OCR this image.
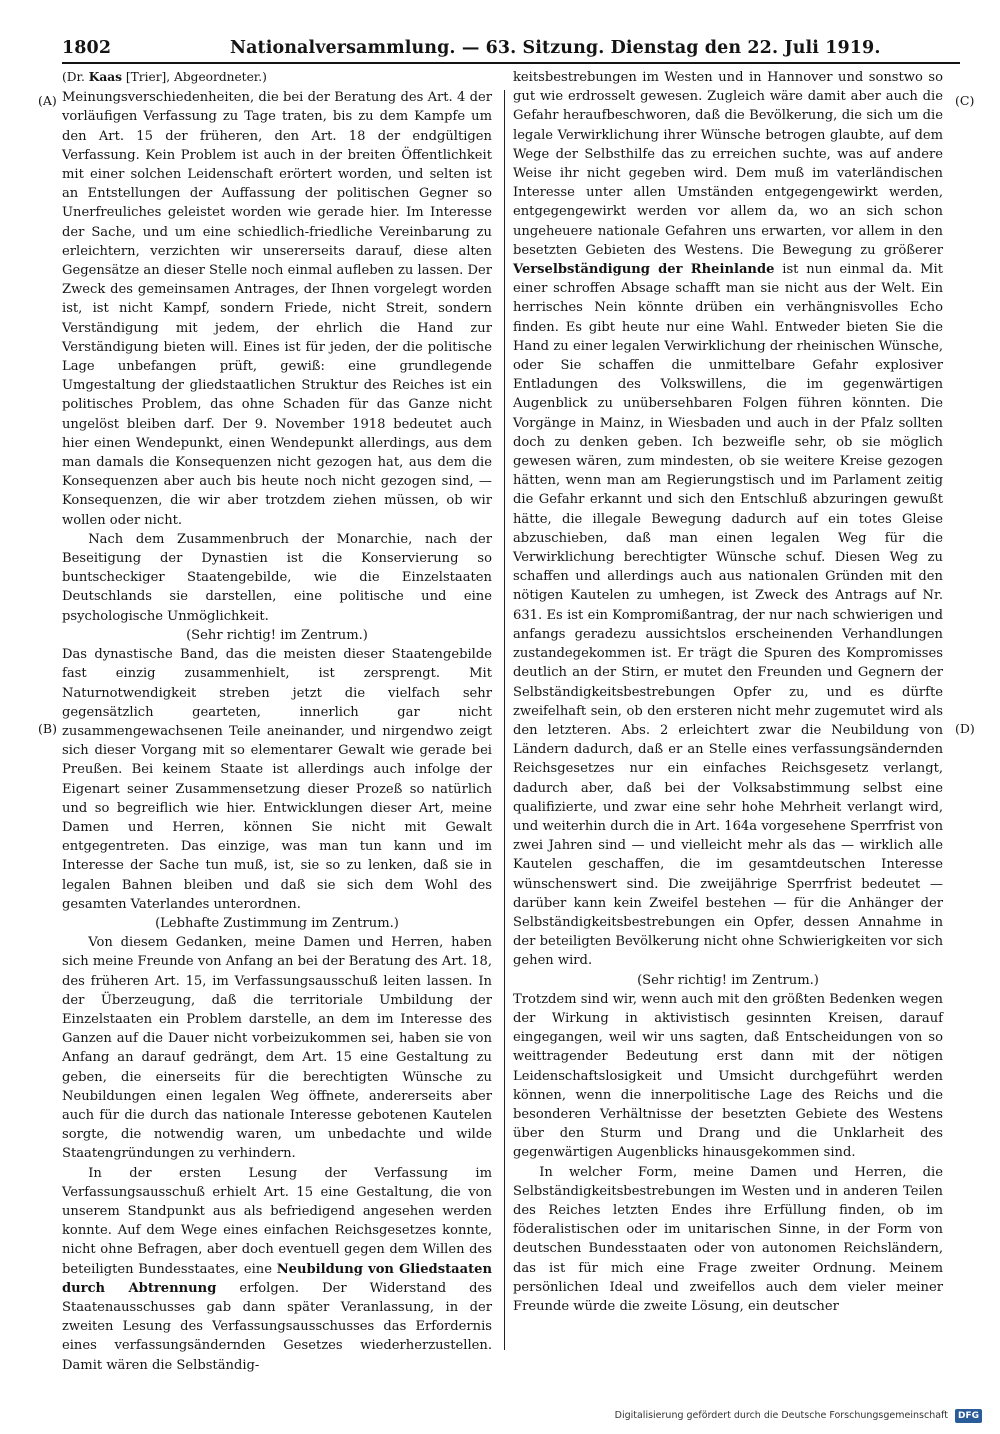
1802	Nationalversammlung. — 63. Sitzung. Dienstag den 22. Juli 1919.
(A)
(B)
(C)
(D)

(Dr. Kaas [Trier], Abgeordneter.)

Meinungsverschiedenheiten, die bei der Beratung des Art. 4 der vorläufigen Verfassung zu Tage traten, bis zu dem Kampfe um den Art. 15 der früheren, den Art. 18 der endgültigen Verfassung. Kein Problem ist auch in der breiten Öffentlichkeit mit einer solchen Leidenschaft erörtert worden, und selten ist an Entstellungen der Auffassung der politischen Gegner so Unerfreuliches geleistet worden wie gerade hier. Im Interesse der Sache, und um eine schiedlich-friedliche Vereinbarung zu erleichtern, verzichten wir unsererseits darauf, diese alten Gegensätze an dieser Stelle noch einmal aufleben zu lassen. Der Zweck des gemeinsamen Antrages, der Ihnen vorgelegt worden ist, ist nicht Kampf, sondern Friede, nicht Streit, sondern Verständigung mit jedem, der ehrlich die Hand zur Verständigung bieten will. Eines ist für jeden, der die politische Lage unbefangen prüft, gewiß: eine grundlegende Umgestaltung der gliedstaatlichen Struktur des Reiches ist ein politisches Problem, das ohne Schaden für das Ganze nicht ungelöst bleiben darf. Der 9. November 1918 bedeutet auch hier einen Wendepunkt, einen Wendepunkt allerdings, aus dem man damals die Konsequenzen nicht gezogen hat, aus dem die Konsequenzen aber auch bis heute noch nicht gezogen sind, — Konsequenzen, die wir aber trotzdem ziehen müssen, ob wir wollen oder nicht.

Nach dem Zusammenbruch der Monarchie, nach der Beseitigung der Dynastien ist die Konservierung so buntscheckiger Staatengebilde, wie die Einzelstaaten Deutschlands sie darstellen, eine politische und eine psychologische Unmöglichkeit.

(Sehr richtig! im Zentrum.)

Das dynastische Band, das die meisten dieser Staatengebilde fast einzig zusammenhielt, ist zersprengt. Mit Naturnotwendigkeit streben jetzt die vielfach sehr gegensätzlich gearteten, innerlich gar nicht zusammengewachsenen Teile aneinander, und nirgendwo zeigt sich dieser Vorgang mit so elementarer Gewalt wie gerade bei Preußen. Bei keinem Staate ist allerdings auch infolge der Eigenart seiner Zusammensetzung dieser Prozeß so natürlich und so begreiflich wie hier. Entwicklungen dieser Art, meine Damen und Herren, können Sie nicht mit Gewalt entgegentreten. Das einzige, was man tun kann und im Interesse der Sache tun muß, ist, sie so zu lenken, daß sie in legalen Bahnen bleiben und daß sie sich dem Wohl des gesamten Vaterlandes unterordnen.

(Lebhafte Zustimmung im Zentrum.)

Von diesem Gedanken, meine Damen und Herren, haben sich meine Freunde von Anfang an bei der Beratung des Art. 18, des früheren Art. 15, im Verfassungsausschuß leiten lassen. In der Überzeugung, daß die territoriale Umbildung der Einzelstaaten ein Problem darstelle, an dem im Interesse des Ganzen auf die Dauer nicht vorbeizukommen sei, haben sie von Anfang an darauf gedrängt, dem Art. 15 eine Gestaltung zu geben, die einerseits für die berechtigten Wünsche zu Neubildungen einen legalen Weg öffnete, andererseits aber auch für die durch das nationale Interesse gebotenen Kautelen sorgte, die notwendig waren, um unbedachte und wilde Staatengründungen zu verhindern.

In der ersten Lesung der Verfassung im Verfassungsausschuß erhielt Art. 15 eine Gestaltung, die von unserem Standpunkt aus als befriedigend angesehen werden konnte. Auf dem Wege eines einfachen Reichsgesetzes konnte, nicht ohne Befragen, aber doch eventuell gegen dem Willen des beteiligten Bundesstaates, eine Neubildung von Gliedstaaten durch Abtrennung erfolgen. Der Widerstand des Staatenausschusses gab dann später Veranlassung, in der zweiten Lesung des Verfassungsausschusses das Erfordernis eines verfassungsändernden Gesetzes wiederherzustellen. Damit wären die Selbständig-

keitsbestrebungen im Westen und in Hannover und sonstwo so gut wie erdrosselt gewesen. Zugleich wäre damit aber auch die Gefahr heraufbeschworen, daß die Bevölkerung, die sich um die legale Verwirklichung ihrer Wünsche betrogen glaubte, auf dem Wege der Selbsthilfe das zu erreichen suchte, was auf andere Weise ihr nicht gegeben wird. Dem muß im vaterländischen Interesse unter allen Umständen entgegengewirkt werden, entgegengewirkt werden vor allem da, wo an sich schon ungeheuere nationale Gefahren uns erwarten, vor allem in den besetzten Gebieten des Westens. Die Bewegung zu größerer Verselbständigung der Rheinlande ist nun einmal da. Mit einer schroffen Absage schafft man sie nicht aus der Welt. Ein herrisches Nein könnte drüben ein verhängnisvolles Echo finden. Es gibt heute nur eine Wahl. Entweder bieten Sie die Hand zu einer legalen Verwirklichung der rheinischen Wünsche, oder Sie schaffen die unmittelbare Gefahr explosiver Entladungen des Volkswillens, die im gegenwärtigen Augenblick zu unübersehbaren Folgen führen könnten. Die Vorgänge in Mainz, in Wiesbaden und auch in der Pfalz sollten doch zu denken geben. Ich bezweifle sehr, ob sie möglich gewesen wären, zum mindesten, ob sie weitere Kreise gezogen hätten, wenn man am Regierungstisch und im Parlament zeitig die Gefahr erkannt und sich den Entschluß abzuringen gewußt hätte, die illegale Bewegung dadurch auf ein totes Gleise abzuschieben, daß man einen legalen Weg für die Verwirklichung berechtigter Wünsche schuf. Diesen Weg zu schaffen und allerdings auch aus nationalen Gründen mit den nötigen Kautelen zu umhegen, ist Zweck des Antrags auf Nr. 631. Es ist ein Kompromißantrag, der nur nach schwierigen und anfangs geradezu aussichtslos erscheinenden Verhandlungen zustandegekommen ist. Er trägt die Spuren des Kompromisses deutlich an der Stirn, er mutet den Freunden und Gegnern der Selbständigkeitsbestrebungen Opfer zu, und es dürfte zweifelhaft sein, ob den ersteren nicht mehr zugemutet wird als den letzteren. Abs. 2 erleichtert zwar die Neubildung von Ländern dadurch, daß er an Stelle eines verfassungsändernden Reichsgesetzes nur ein einfaches Reichsgesetz verlangt, dadurch aber, daß bei der Volksabstimmung selbst eine qualifizierte, und zwar eine sehr hohe Mehrheit verlangt wird, und weiterhin durch die in Art. 164a vorgesehene Sperrfrist von zwei Jahren sind — und vielleicht mehr als das — wirklich alle Kautelen geschaffen, die im gesamtdeutschen Interesse wünschenswert sind. Die zweijährige Sperrfrist bedeutet — darüber kann kein Zweifel bestehen — für die Anhänger der Selbständigkeitsbestrebungen ein Opfer, dessen Annahme in der beteiligten Bevölkerung nicht ohne Schwierigkeiten vor sich gehen wird.

(Sehr richtig! im Zentrum.)

Trotzdem sind wir, wenn auch mit den größten Bedenken wegen der Wirkung in aktivistisch gesinnten Kreisen, darauf eingegangen, weil wir uns sagten, daß Entscheidungen von so weittragender Bedeutung erst dann mit der nötigen Leidenschaftslosigkeit und Umsicht durchgeführt werden können, wenn die innerpolitische Lage des Reichs und die besonderen Verhältnisse der besetzten Gebiete des Westens über den Sturm und Drang und die Unklarheit des gegenwärtigen Augenblicks hinausgekommen sind.

In welcher Form, meine Damen und Herren, die Selbständigkeitsbestrebungen im Westen und in anderen Teilen des Reiches letzten Endes ihre Erfüllung finden, ob im föderalistischen oder im unitarischen Sinne, in der Form von deutschen Bundesstaaten oder von autonomen Reichsländern, das ist für mich eine Frage zweiter Ordnung. Meinem persönlichen Ideal und zweifellos auch dem vieler meiner Freunde würde die zweite Lösung, ein deutscher

Digitalisierung gefördert durch die Deutsche Forschungsgemeinschaft DFG
